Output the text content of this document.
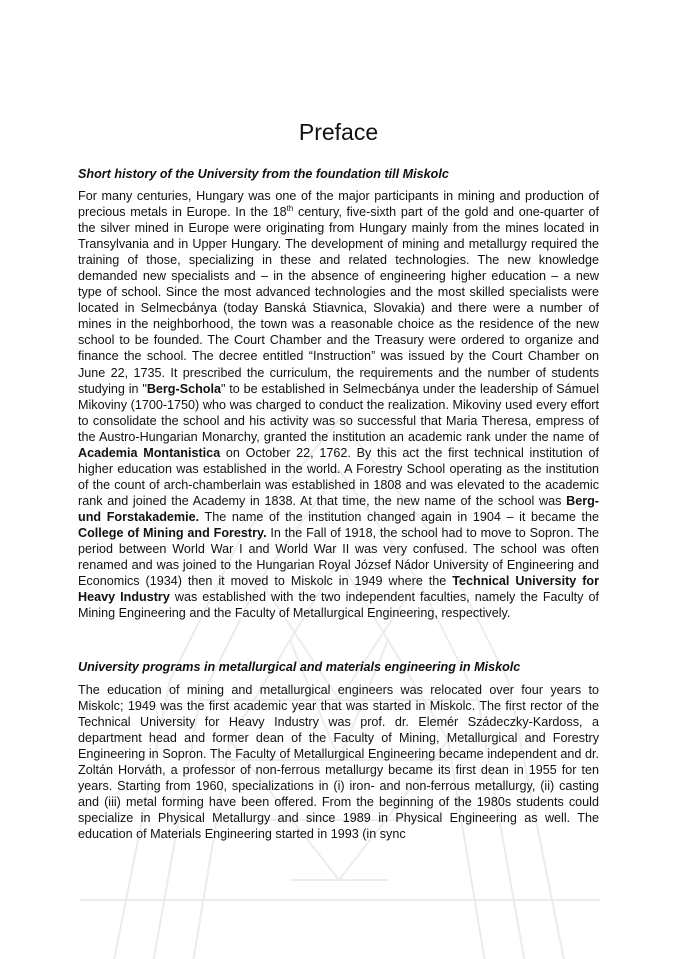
Preface

Short history of the University from the foundation till Miskolc

For many centuries, Hungary was one of the major participants in mining and production of precious metals in Europe. In the 18th century, five-sixth part of the gold and one-quarter of the silver mined in Europe were originating from Hungary mainly from the mines located in Transylvania and in Upper Hungary. The development of mining and metallurgy required the training of those, specializing in these and related technologies. The new knowledge demanded new specialists and – in the absence of engineering higher education – a new type of school. Since the most advanced technologies and the most skilled specialists were located in Selmecbánya (today Banská Stiavnica, Slovakia) and there were a number of mines in the neighborhood, the town was a reasonable choice as the residence of the new school to be founded. The Court Chamber and the Treasury were ordered to organize and finance the school. The decree entitled “Instruction” was issued by the Court Chamber on June 22, 1735. It prescribed the curriculum, the requirements and the number of students studying in "Berg-Schola" to be established in Selmecbánya under the leadership of Sámuel Mikoviny (1700-1750) who was charged to conduct the realization. Mikoviny used every effort to consolidate the school and his activity was so successful that Maria Theresa, empress of the Austro-Hungarian Monarchy, granted the institution an academic rank under the name of Academia Montanistica on October 22, 1762. By this act the first technical institution of higher education was established in the world. A Forestry School operating as the institution of the count of arch-chamberlain was established in 1808 and was elevated to the academic rank and joined the Academy in 1838. At that time, the new name of the school was Berg- und Forstakademie. The name of the institution changed again in 1904 – it became the College of Mining and Forestry. In the Fall of 1918, the school had to move to Sopron. The period between World War I and World War II was very confused. The school was often renamed and was joined to the Hungarian Royal József Nádor University of Engineering and Economics (1934) then it moved to Miskolc in 1949 where the Technical University for Heavy Industry was established with the two independent faculties, namely the Faculty of Mining Engineering and the Faculty of Metallurgical Engineering, respectively.

University programs in metallurgical and materials engineering in Miskolc

The education of mining and metallurgical engineers was relocated over four years to Miskolc; 1949 was the first academic year that was started in Miskolc. The first rector of the Technical University for Heavy Industry was prof. dr. Elemér Szádeczky-Kardoss, a department head and former dean of the Faculty of Mining, Metallurgical and Forestry Engineering in Sopron. The Faculty of Metallurgical Engineering became independent and dr. Zoltán Horváth, a professor of non-ferrous metallurgy became its first dean in 1955 for ten years. Starting from 1960, specializations in (i) iron- and non-ferrous metallurgy, (ii) casting and (iii) metal forming have been offered. From the beginning of the 1980s students could specialize in Physical Metallurgy and since 1989 in Physical Engineering as well. The education of Materials Engineering started in 1993 (in sync
